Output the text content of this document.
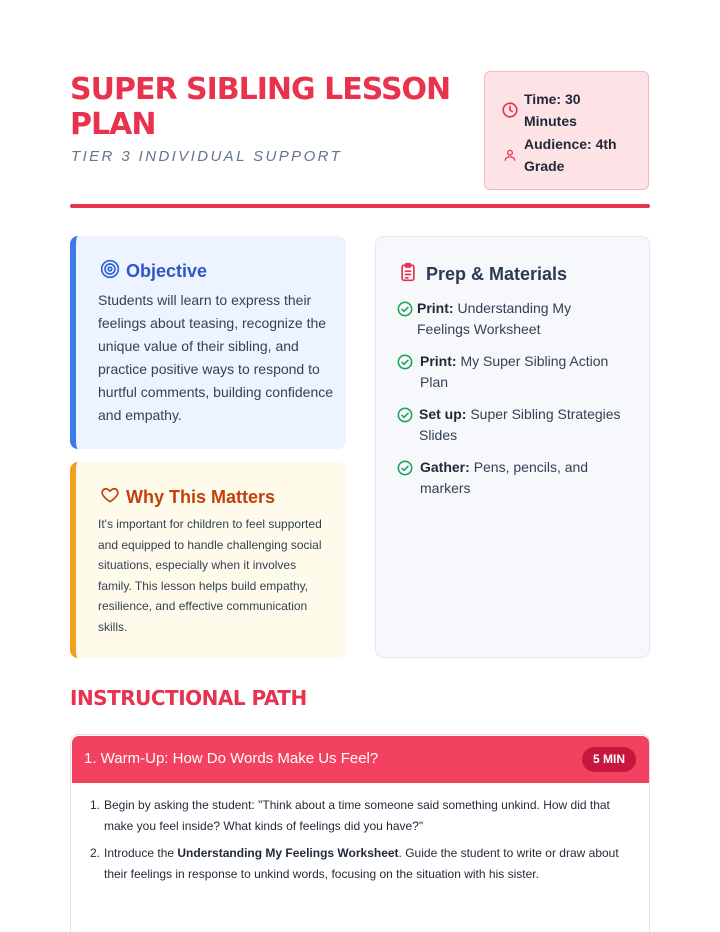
SUPER SIBLING LESSON PLAN
TIER 3 INDIVIDUAL SUPPORT
Time: 30 Minutes
Audience: 4th Grade
Objective
Students will learn to express their feelings about teasing, recognize the unique value of their sibling, and practice positive ways to respond to hurtful comments, building confidence and empathy.
Why This Matters
It's important for children to feel supported and equipped to handle challenging social situations, especially when it involves family. This lesson helps build empathy, resilience, and effective communication skills.
Prep & Materials
Print: Understanding My Feelings Worksheet
Print: My Super Sibling Action Plan
Set up: Super Sibling Strategies Slides
Gather: Pens, pencils, and markers
INSTRUCTIONAL PATH
1. Warm-Up: How Do Words Make Us Feel?	5 MIN
1. Begin by asking the student: "Think about a time someone said something unkind. How did that make you feel inside? What kinds of feelings did you have?"
2. Introduce the Understanding My Feelings Worksheet. Guide the student to write or draw about their feelings in response to unkind words, focusing on the situation with his sister.
